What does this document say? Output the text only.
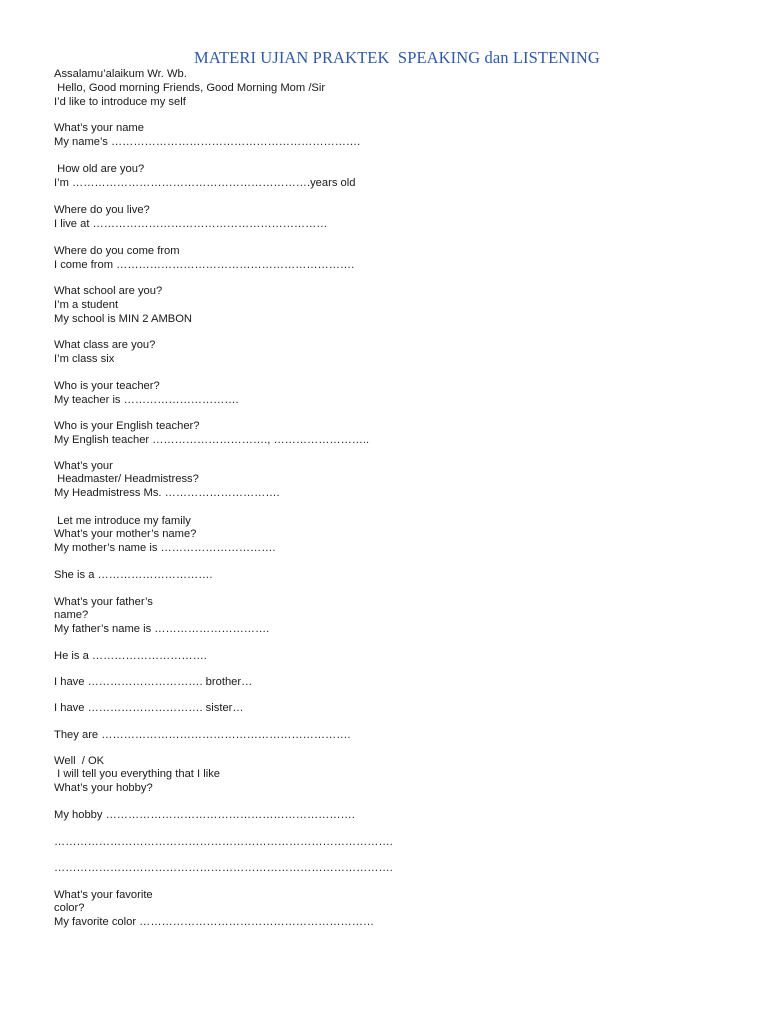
MATERI UJIAN PRAKTEK  SPEAKING dan LISTENING
Assalamu’alaikum Wr. Wb.
Hello, Good morning Friends, Good Morning Mom /Sir
I’d like to introduce my self
What’s your name
My name’s ………………………………………………………….
How old are you?
I’m ……………………………………………………….years old
Where do you live?
I live at ………………………………………………………
Where do you come from
I come from ……………………………………………………….
What school are you?
I’m a student
My school is MIN 2 AMBON
What class are you?
I’m class six
Who is your teacher?
My teacher is ………………………….
Who is your English teacher?
My English teacher …………………………., ……………………..
What’s your
Headmaster/ Headmistress?
My Headmistress Ms. ………………………….
Let me introduce my family
What’s your mother’s name?
My mother’s name is ………………………….
She is a ………………………….
What’s your father’s
name?
My father’s name is ………………………….
He is a ………………………….
I have …………………………. brother…
I have …………………………. sister…
They are ………………………………………………………….
Well  / OK
I will tell you everything that I like
What’s your hobby?
My hobby ………………………………………………………….
……………………………………………………………………………….
……………………………………………………………………………….
What’s your favorite
color?
My favorite color ………………………………………………………
